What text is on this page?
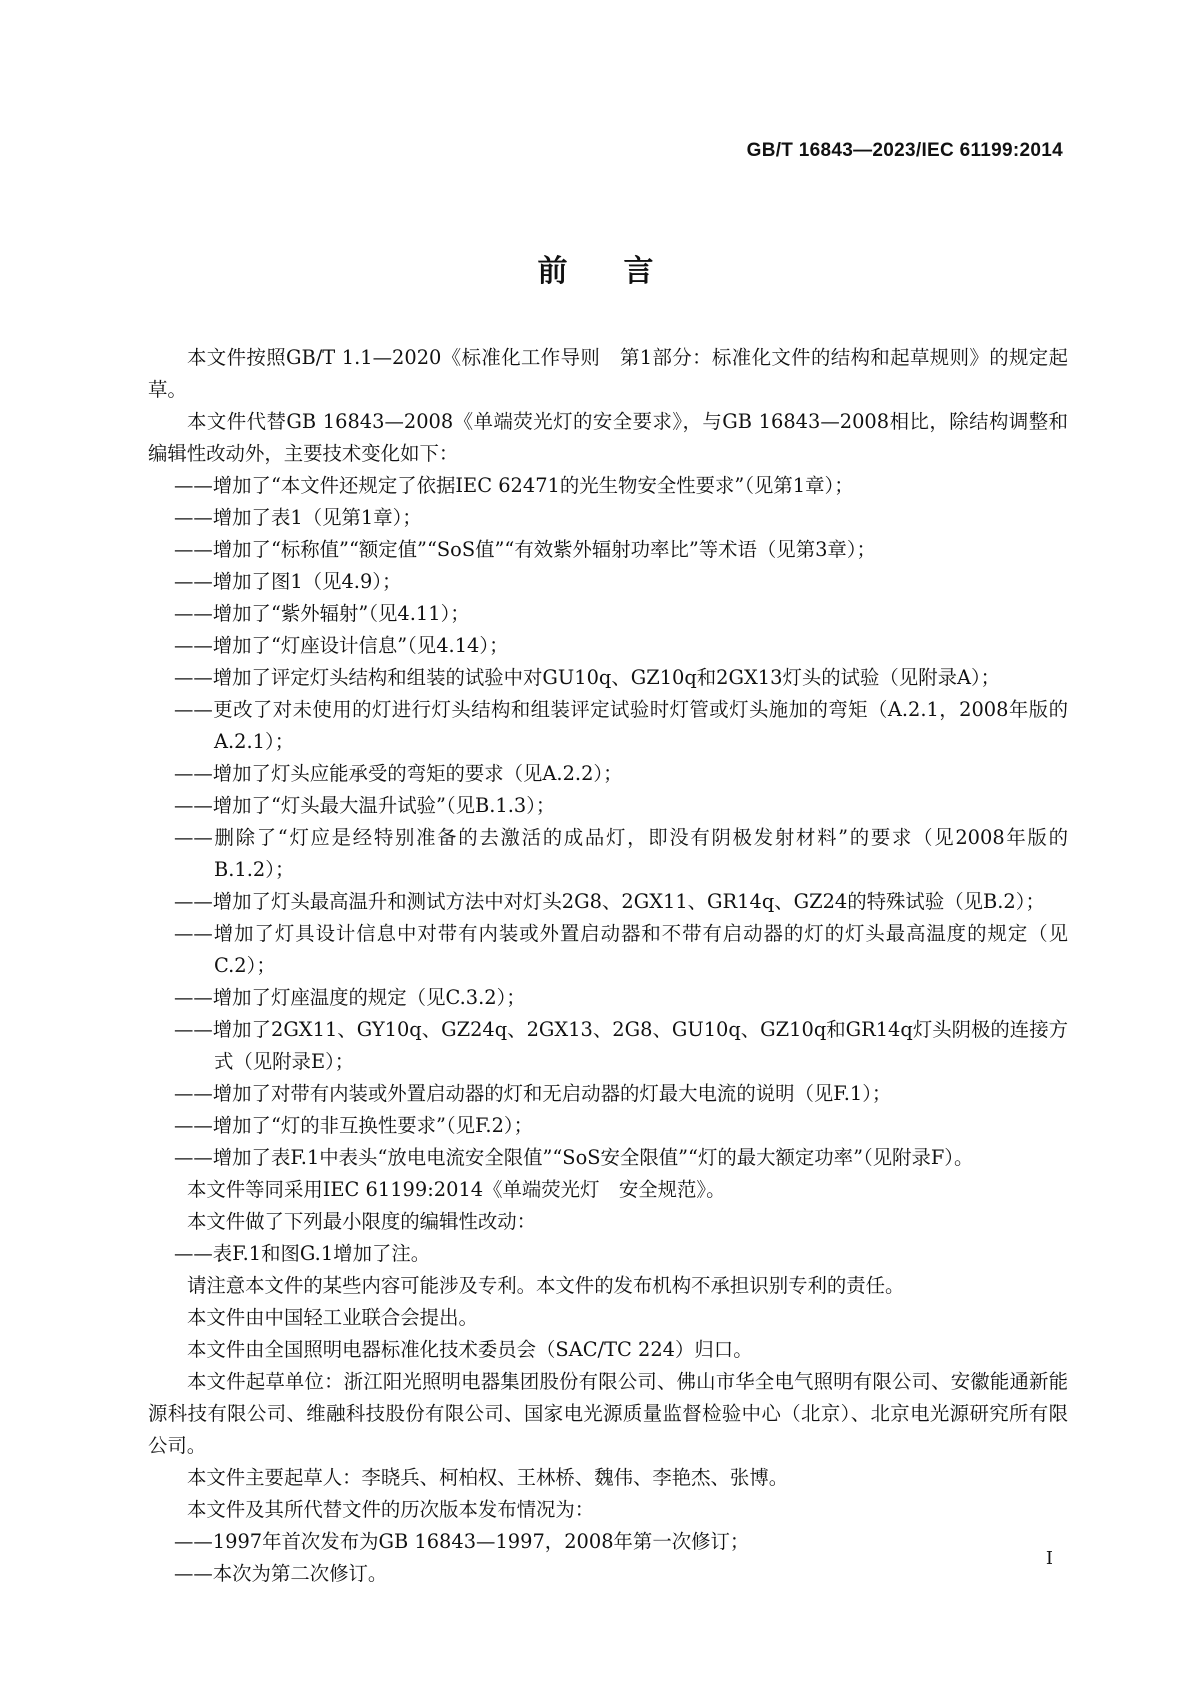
GB/T 16843—2023/IEC 61199:2014
前言

本文件按照GB/T 1.1—2020《标准化工作导则　第1部分：标准化文件的结构和起草规则》的规定起草。

本文件代替GB 16843—2008《单端荧光灯的安全要求》，与GB 16843—2008相比，除结构调整和编辑性改动外，主要技术变化如下：

——增加了“本文件还规定了依据IEC 62471的光生物安全性要求”（见第1章）；

——增加了表1（见第1章）；

——增加了“标称值”“额定值”“SoS值”“有效紫外辐射功率比”等术语（见第3章）；

——增加了图1（见4.9）；

——增加了“紫外辐射”（见4.11）；

——增加了“灯座设计信息”（见4.14）；

——增加了评定灯头结构和组装的试验中对GU10q、GZ10q和2GX13灯头的试验（见附录A）；

——更改了对未使用的灯进行灯头结构和组装评定试验时灯管或灯头施加的弯矩（A.2.1，2008年版的A.2.1）；

——增加了灯头应能承受的弯矩的要求（见A.2.2）；

——增加了“灯头最大温升试验”（见B.1.3）；

——删除了“灯应是经特别准备的去激活的成品灯，即没有阴极发射材料”的要求（见2008年版的B.1.2）；

——增加了灯头最高温升和测试方法中对灯头2G8、2GX11、GR14q、GZ24的特殊试验（见B.2）；

——增加了灯具设计信息中对带有内装或外置启动器和不带有启动器的灯的灯头最高温度的规定（见C.2）；

——增加了灯座温度的规定（见C.3.2）；

——增加了2GX11、GY10q、GZ24q、2GX13、2G8、GU10q、GZ10q和GR14q灯头阴极的连接方式（见附录E）；

——增加了对带有内装或外置启动器的灯和无启动器的灯最大电流的说明（见F.1）；

——增加了“灯的非互换性要求”（见F.2）；

——增加了表F.1中表头“放电电流安全限值”“SoS安全限值”“灯的最大额定功率”（见附录F）。

本文件等同采用IEC 61199:2014《单端荧光灯　安全规范》。

本文件做了下列最小限度的编辑性改动：

——表F.1和图G.1增加了注。

请注意本文件的某些内容可能涉及专利。本文件的发布机构不承担识别专利的责任。

本文件由中国轻工业联合会提出。

本文件由全国照明电器标准化技术委员会（SAC/TC 224）归口。

本文件起草单位：浙江阳光照明电器集团股份有限公司、佛山市华全电气照明有限公司、安徽能通新能源科技有限公司、维融科技股份有限公司、国家电光源质量监督检验中心（北京）、北京电光源研究所有限公司。

本文件主要起草人：李晓兵、柯柏权、王林桥、魏伟、李艳杰、张博。

本文件及其所代替文件的历次版本发布情况为：

——1997年首次发布为GB 16843—1997，2008年第一次修订；

——本次为第二次修订。

I
